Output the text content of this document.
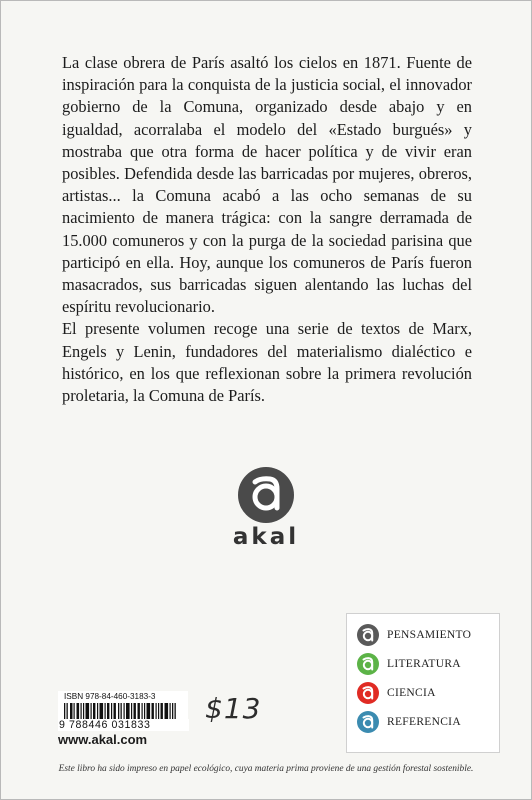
La clase obrera de París asaltó los cielos en 1871. Fuente de inspiración para la conquista de la justicia social, el innovador gobierno de la Comuna, organizado desde abajo y en igualdad, acorralaba el modelo del «Estado burgués» y mostraba que otra forma de hacer política y de vivir eran posibles. Defendida desde las barricadas por mujeres, obreros, artistas... la Comuna acabó a las ocho semanas de su nacimiento de manera trágica: con la sangre derramada de 15.000 comuneros y con la purga de la sociedad parisina que participó en ella. Hoy, aunque los comuneros de París fueron masacrados, sus barricadas siguen alentando las luchas del espíritu revolucionario.

El presente volumen recoge una serie de textos de Marx, Engels y Lenin, fundadores del materialismo dialéctico e histórico, en los que reflexionan sobre la primera revolución proletaria, la Comuna de París.

akal
PENSAMIENTO
LITERATURA
CIENCIA
REFERENCIA
ISBN 978-84-460-3183-3
9 788446 031833	$13
www.akal.com
Este libro ha sido impreso en papel ecológico, cuya materia prima proviene de una gestión forestal sostenible.
